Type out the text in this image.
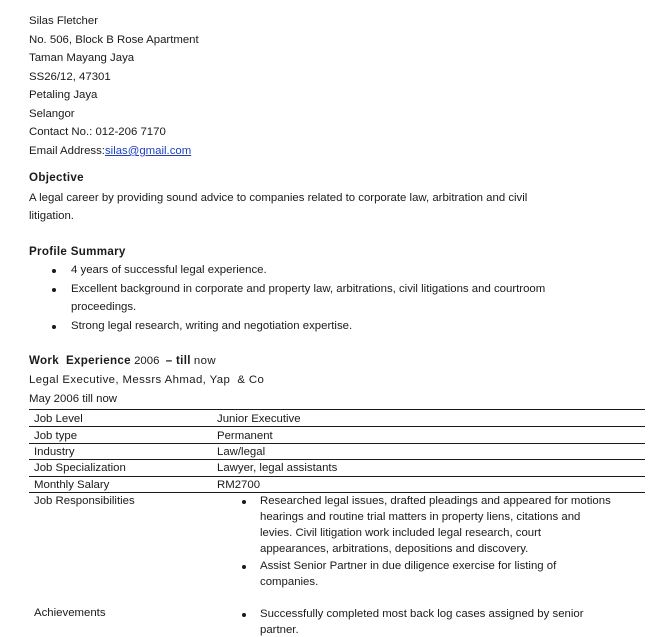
Silas Fletcher
No. 506, Block B Rose Apartment
Taman Mayang Jaya
SS26/12, 47301
Petaling Jaya
Selangor
Contact No.: 012-206 7170
Email Address:silas@gmail.com
Objective
A legal career by providing sound advice to companies related to corporate law, arbitration and civil
litigation.
Profile Summary
4 years of successful legal experience.
Excellent background in corporate and property law, arbitrations, civil litigations and courtroom
proceedings.
Strong legal research, writing and negotiation expertise.
Work  Experience 2006 – till now
Legal Executive, Messrs Ahmad, Yap  & Co
May 2006 till now
Job Level	Junior Executive
Job type	Permanent
Industry	Law/legal
Job Specialization	Lawyer, legal assistants
Monthly Salary	RM2700
Job Responsibilities	Researched legal issues, drafted pleadings and appeared for motions
hearings and routine trial matters in property liens, citations and
levies. Civil litigation work included legal research, court
appearances, arbitrations, depositions and discovery.
Assist Senior Partner in due diligence exercise for listing of
companies.
Achievements	Successfully completed most back log cases assigned by senior
partner.
